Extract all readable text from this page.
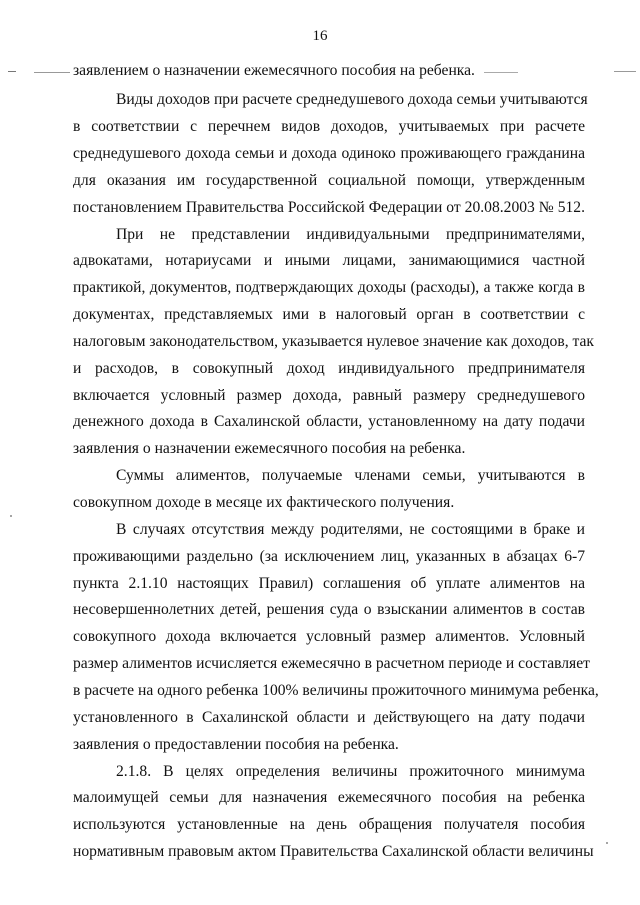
16
заявлением о назначении ежемесячного пособия на ребенка.
Виды доходов при расчете среднедушевого дохода семьи учитываются
в соответствии с перечнем видов доходов, учитываемых при расчете
среднедушевого дохода семьи и дохода одиноко проживающего гражданина
для оказания им государственной социальной помощи, утвержденным
постановлением Правительства Российской Федерации от 20.08.2003 № 512.
При не представлении индивидуальными предпринимателями,
адвокатами, нотариусами и иными лицами, занимающимися частной
практикой, документов, подтверждающих доходы (расходы), а также когда в
документах, представляемых ими в налоговый орган в соответствии с
налоговым законодательством, указывается нулевое значение как доходов, так
и расходов, в совокупный доход индивидуального предпринимателя
включается условный размер дохода, равный размеру среднедушевого
денежного дохода в Сахалинской области, установленному на дату подачи
заявления о назначении ежемесячного пособия на ребенка.
Суммы алиментов, получаемые членами семьи, учитываются в
совокупном доходе в месяце их фактического получения.
В случаях отсутствия между родителями, не состоящими в браке и
проживающими раздельно (за исключением лиц, указанных в абзацах 6-7
пункта 2.1.10 настоящих Правил) соглашения об уплате алиментов на
несовершеннолетних детей, решения суда о взыскании алиментов в состав
совокупного дохода включается условный размер алиментов. Условный
размер алиментов исчисляется ежемесячно в расчетном периоде и составляет
в расчете на одного ребенка 100% величины прожиточного минимума ребенка,
установленного в Сахалинской области и действующего на дату подачи
заявления о предоставлении пособия на ребенка.
2.1.8. В целях определения величины прожиточного минимума
малоимущей семьи для назначения ежемесячного пособия на ребенка
используются установленные на день обращения получателя пособия
нормативным правовым актом Правительства Сахалинской области величины
